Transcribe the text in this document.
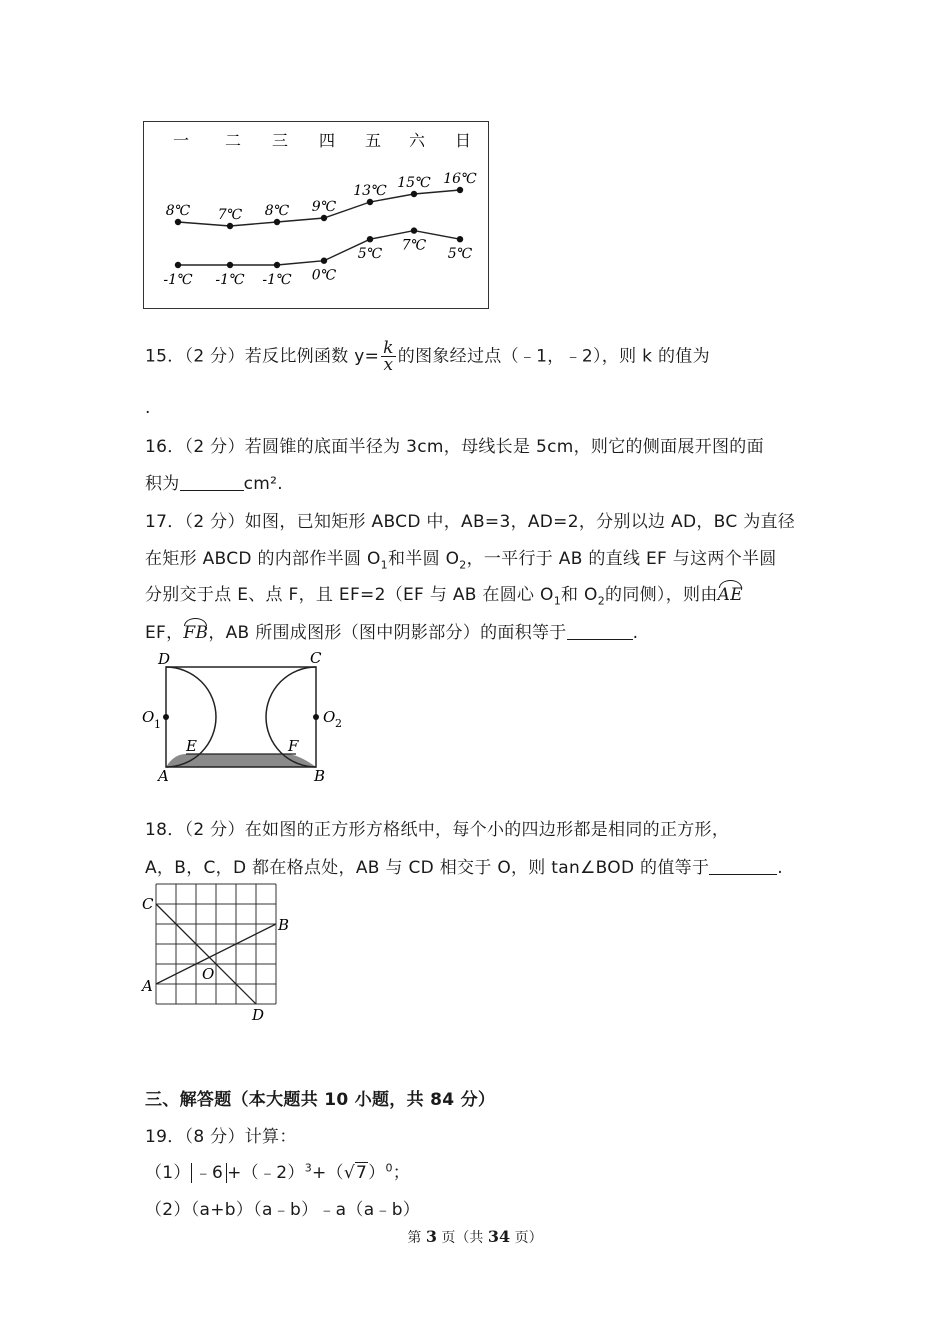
一 二 三 四 五 六 日
8℃ 7℃ 8℃ 9℃
13℃ 15℃ 16℃
-1℃ -1℃ -1℃ 0℃
5℃
7℃
5℃
15．（2 分）若反比例函数 $y= \frac{k}{x}$ 的图象经过点（﹣1，﹣2），则 k 的值为
.
16．（2 分）若圆锥的底面半径为 3cm，母线长是 5cm，则它的侧面展开图的面
积为	cm².
17．（2 分）如图，已知矩形 ABCD 中，AB=3，AD=2，分别以边 AD，BC 为直径
在矩形 ABCD 的内部作半圆 $O_1$和半圆 $O_2$，一平行于 AB 的直线 EF 与这两个半圆
分别交于点 E、点 F，且 EF=2（EF 与 AB 在圆心 $O_1$和 $O_2$的同侧），则由AE
EF，FB，AB 所围成图形（图中阴影部分）的面积等于	.
D	C
O 1	O 2
E	F
A	B
18．（2 分）在如图的正方形方格纸中，每个小的四边形都是相同的正方形，
A，B，C，D 都在格点处，AB 与 CD 相交于 O，则 tan∠BOD 的值等于	.
C
B
O
A
D
三、解答题（本大题共 10 小题，共 84 分）
19．（8 分）计算：
（1） ﹣6 $+(﹣2)^3+(√7)^0$；
（2）（a+b）（a﹣b）﹣a（a﹣b）
第 3 页（共 34 页）
